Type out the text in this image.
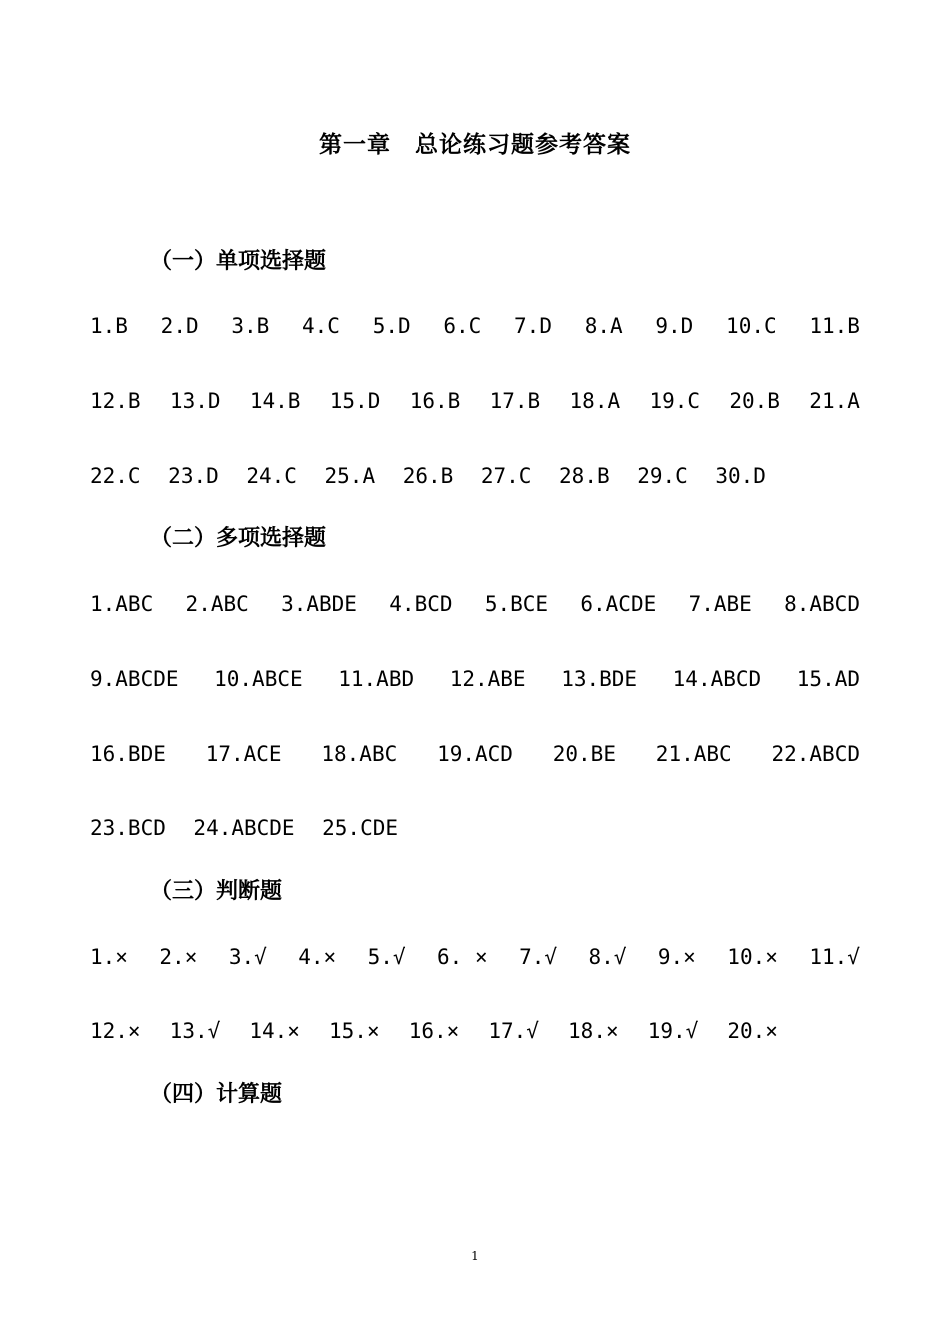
第一章　总论练习题参考答案
（一）单项选择题
1.B 2.D 3.B 4.C 5.D 6.C 7.D 8.A 9.D 10.C 11.B
12.B 13.D 14.B 15.D 16.B 17.B 18.A 19.C 20.B 21.A
22.C 23.D 24.C 25.A 26.B 27.C 28.B 29.C 30.D
（二）多项选择题
1.ABC 2.ABC 3.ABDE 4.BCD 5.BCE 6.ACDE 7.ABE 8.ABCD
9.ABCDE 10.ABCE 11.ABD 12.ABE 13.BDE 14.ABCD 15.AD
16.BDE 17.ACE 18.ABC 19.ACD 20.BE 21.ABC 22.ABCD
23.BCD 24.ABCDE 25.CDE
（三）判断题
1.× 2.× 3.√ 4.× 5.√ 6. × 7.√ 8.√ 9.× 10.× 11.√
12.× 13.√ 14.× 15.× 16.× 17.√ 18.× 19.√ 20.×
（四）计算题
1
